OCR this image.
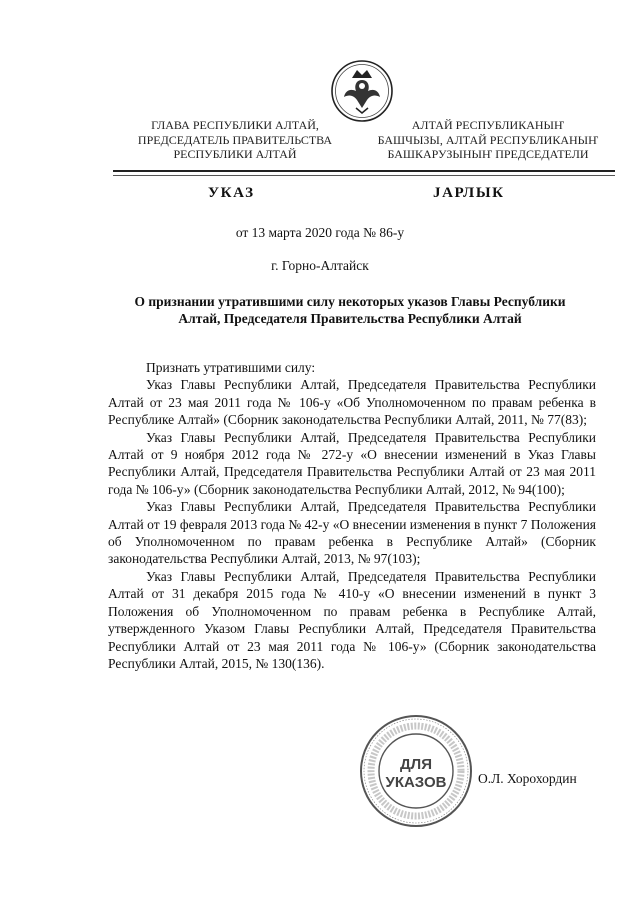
ГЛАВА РЕСПУБЛИКИ АЛТАЙ,
ПРЕДСЕДАТЕЛЬ ПРАВИТЕЛЬСТВА
РЕСПУБЛИКИ АЛТАЙ
АЛТАЙ РЕСПУБЛИКАНЫҤ
БАШЧЫЗЫ, АЛТАЙ РЕСПУБЛИКАНЫҤ
БАШКАРУЗЫНЫҤ ПРЕДСЕДАТЕЛИ
УКАЗ	ЈАРЛЫК
от 13 марта 2020 года № 86-у
г. Горно-Алтайск
О признании утратившими силу некоторых указов Главы Республики
Алтай, Председателя Правительства Республики Алтай

Признать утратившими силу:

Указ Главы Республики Алтай, Председателя Правительства Республики Алтай от 23 мая 2011 года № 106-у «Об Уполномоченном по правам ребенка в Республике Алтай» (Сборник законодательства Республики Алтай, 2011, № 77(83);

Указ Главы Республики Алтай, Председателя Правительства Республики Алтай от 9 ноября 2012 года № 272-у «О внесении изменений в Указ Главы Республики Алтай, Председателя Правительства Республики Алтай от 23 мая 2011 года № 106-у» (Сборник законодательства Республики Алтай, 2012, № 94(100);

Указ Главы Республики Алтай, Председателя Правительства Республики Алтай от 19 февраля 2013 года № 42-у «О внесении изменения в пункт 7 Положения об Уполномоченном по правам ребенка в Республике Алтай» (Сборник законодательства Республики Алтай, 2013, № 97(103);

Указ Главы Республики Алтай, Председателя Правительства Республики Алтай от 31 декабря 2015 года № 410-у «О внесении изменений в пункт 3 Положения об Уполномоченном по правам ребенка в Республике Алтай, утвержденного Указом Главы Республики Алтай, Председателя Правительства Республики Алтай от 23 мая 2011 года № 106-у» (Сборник законодательства Республики Алтай, 2015, № 130(136).

ДЛЯ
УКАЗОВ О.Л. Хорохордин
